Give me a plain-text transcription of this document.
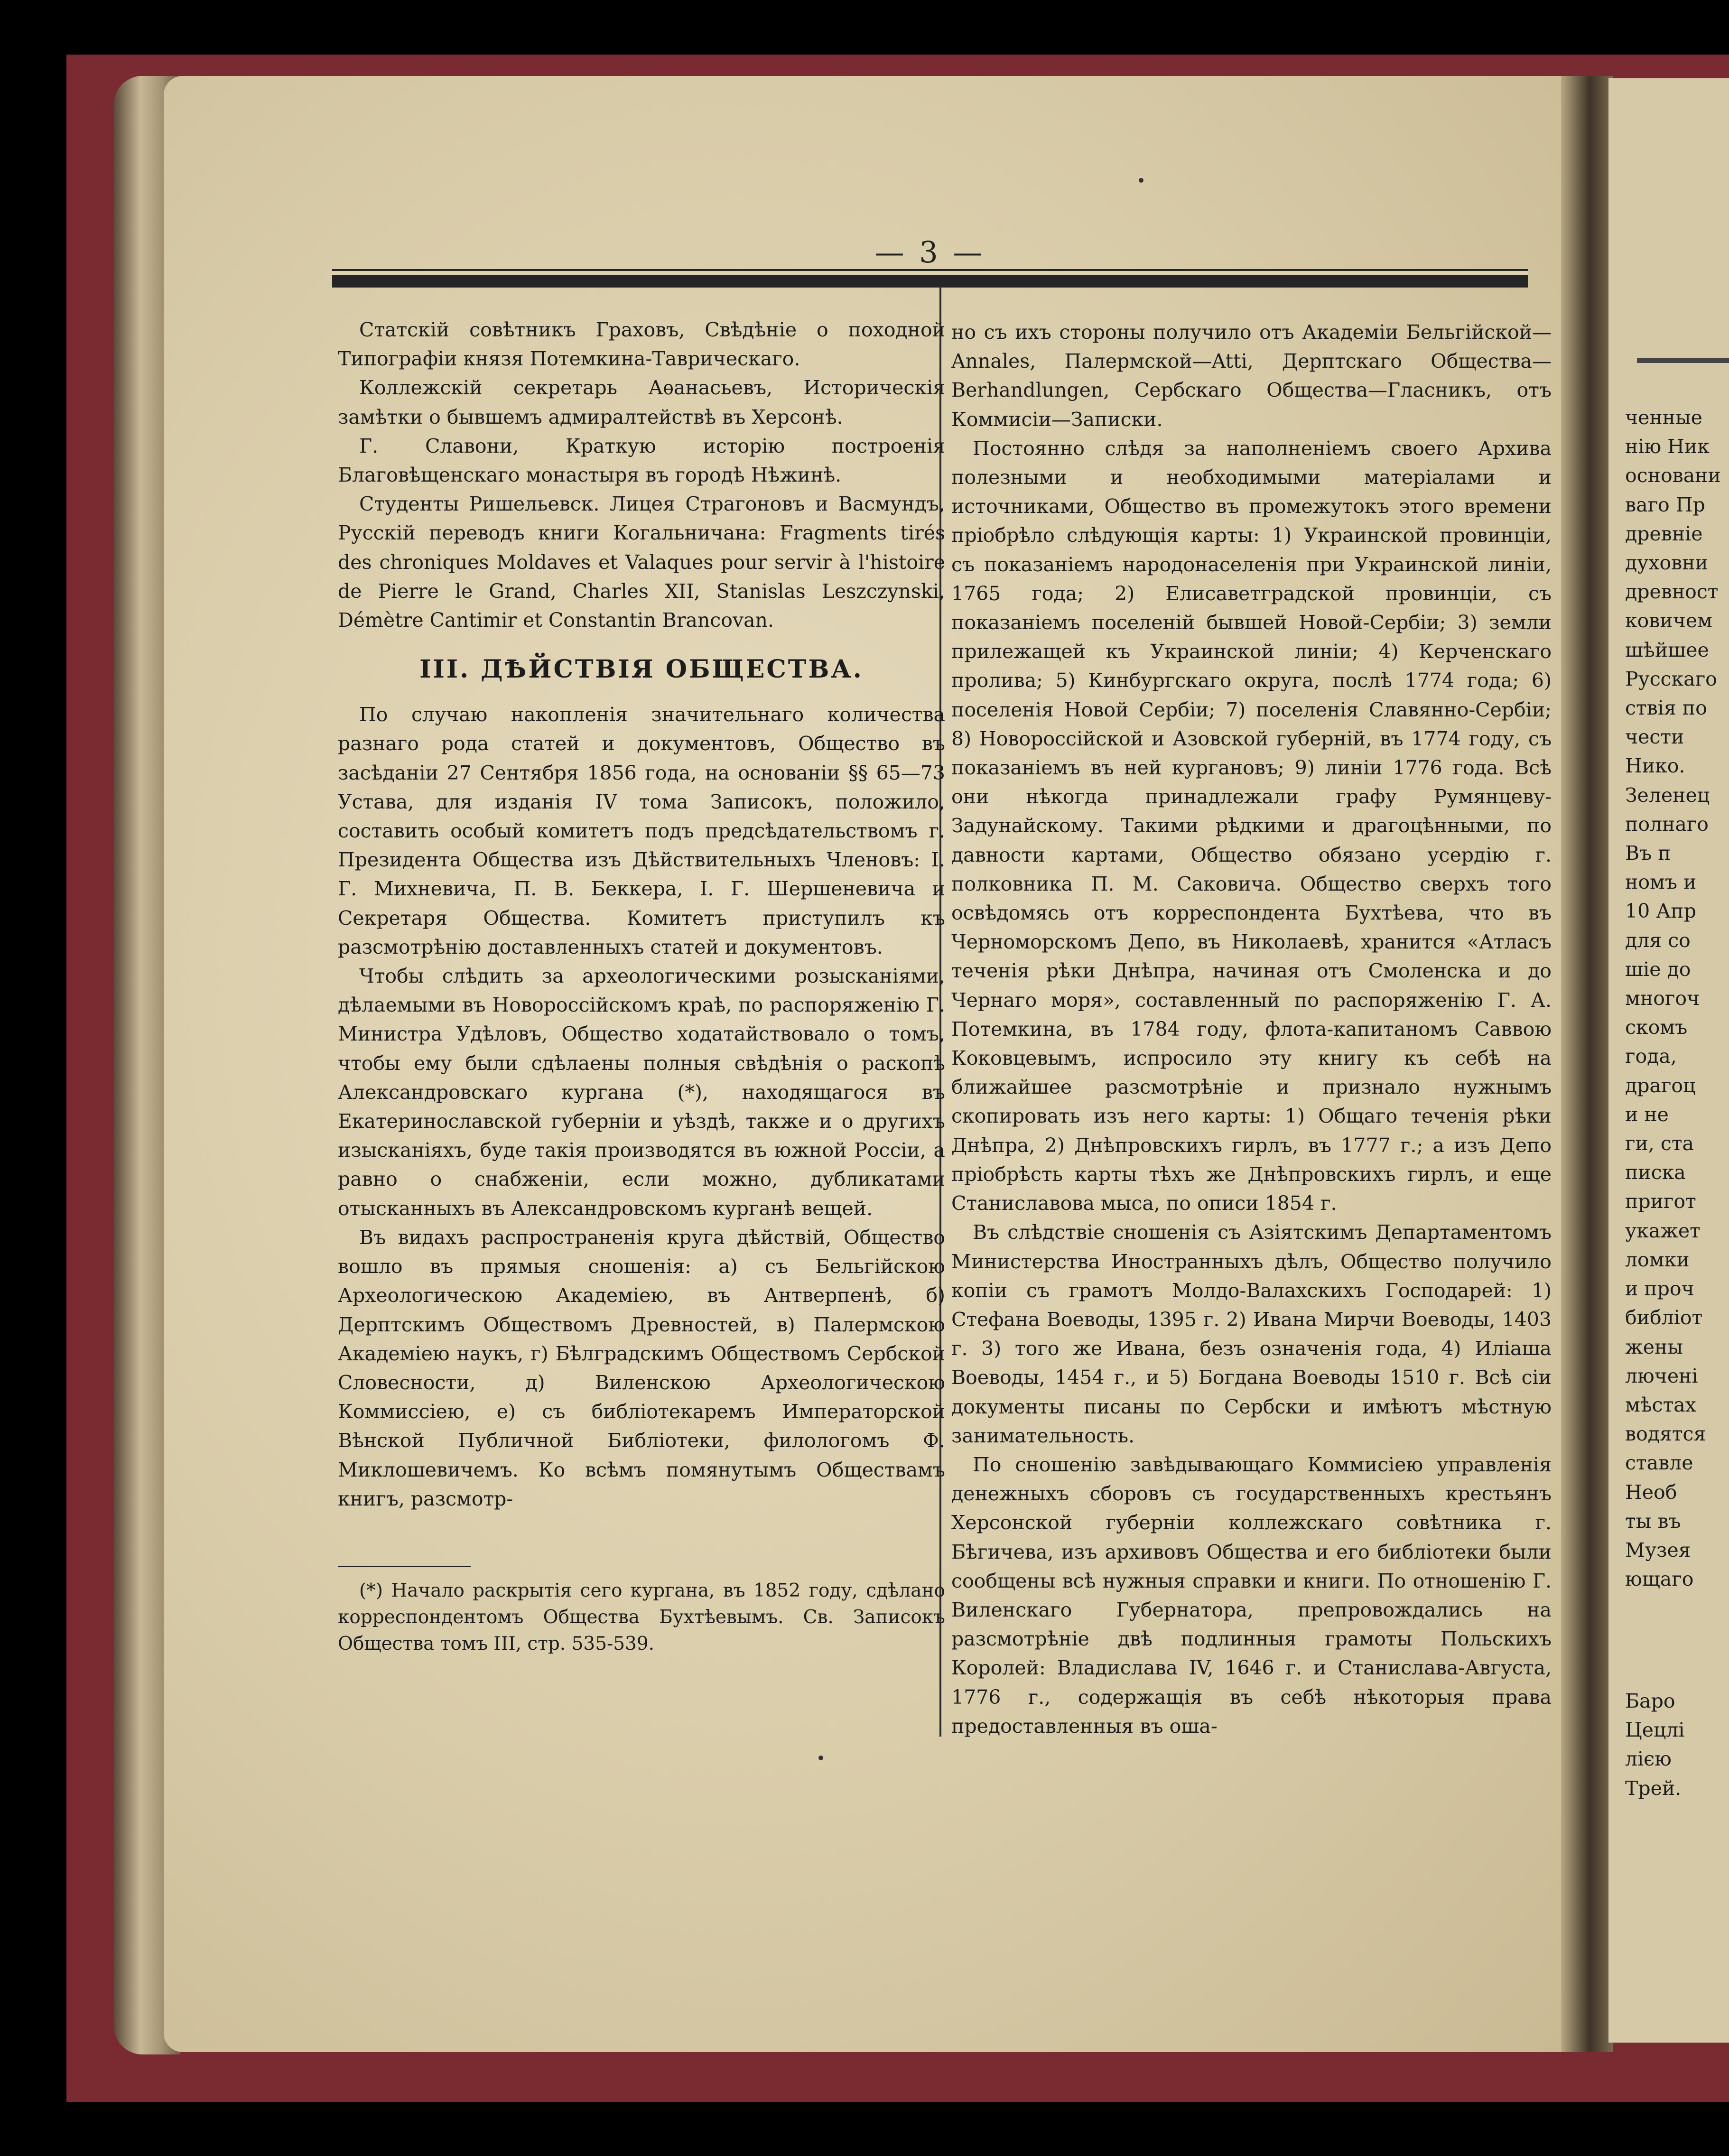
ченные
нію Ник
основани
ваго Пр
древніе
духовни
древност
ковичем
шѣйшее
Русскаго
ствія по
чести
Нико.
Зеленец
полнаго
Въ п
номъ и
10 Апр
для со
шіе до
многоч
скомъ
года,
драгоц
и не
ги, ста
писка
пригот
укажет
ломки
и проч
библіот
жены
люченi
мѣстах
водятся
ставле
Необ
ты въ
Музея
ющаго
Баро
Цецлі
лією
Трей.
— 3 —

Статскій совѣтникъ Граховъ, Свѣдѣніе о походной Типографіи князя Потемкина-Таврическаго.

Коллежскій секретарь Аѳанасьевъ, Историческія замѣтки о бывшемъ адмиралтействѣ въ Херсонѣ.

Г. Славони, Краткую исторію построенія Благовѣщенскаго монастыря въ городѣ Нѣжинѣ.

Студенты Ришельевск. Лицея Страгоновъ и Васмундъ, Русскій переводъ книги Когальничана: Fragments tirés des chroniques Moldaves et Valaques pour servir à l'histoire de Pierre le Grand, Charles XII, Stanislas Leszczynski, Démètre Cantimir et Constantin Brancovan.

III. ДѢЙСТВІЯ ОБЩЕСТВА.

По случаю накопленія значительнаго количества разнаго рода статей и документовъ, Общество въ засѣданіи 27 Сентября 1856 года, на основаніи §§ 65—73 Устава, для изданія IV тома Записокъ, положило, составить особый комитетъ подъ предсѣдательствомъ г. Президента Общества изъ Дѣйствительныхъ Членовъ: І. Г. Михневича, П. В. Беккера, І. Г. Шершеневича и Секретаря Общества. Комитетъ приступилъ къ разсмотрѣнію доставленныхъ статей и документовъ.

Чтобы слѣдить за археологическими розысканіями, дѣлаемыми въ Новороссійскомъ краѣ, по распоряженію Г. Министра Удѣловъ, Общество ходатайствовало о томъ, чтобы ему были сдѣлаены полныя свѣдѣнія о раскопѣ Александровскаго кургана (*), находящагося въ Екатеринославской губерніи и уѣздѣ, также и о другихъ изысканіяхъ, буде такія производятся въ южной Россіи, а равно о снабженіи, если можно, дубликатами отысканныхъ въ Александровскомъ курганѣ вещей.

Въ видахъ распространенія круга дѣйствій, Общество вошло въ прямыя сношенія: а) съ Бельгійскою Археологическою Академіею, въ Антверпенѣ, б) Дерптскимъ Обществомъ Древностей, в) Палермскою Академіею наукъ, г) Бѣлградскимъ Обществомъ Сербской Словесности, д) Виленскою Археологическою Коммиссіею, е) съ библіотекаремъ Императорской Вѣнской Публичной Библіотеки, филологомъ Ф. Миклошевичемъ. Ко всѣмъ помянутымъ Обществамъ книгъ, разсмотр-

(*) Начало раскрытія сего кургана, въ 1852 году, сдѣлано корреспондентомъ Общества Бухтѣевымъ. Св. Записокъ Общества томъ III, стр. 535-539.

но съ ихъ стороны получило отъ Академіи Бельгійской—Annales, Палермской—Atti, Дерптскаго Общества—Berhandlungen, Сербскаго Общества—Гласникъ, отъ Коммисіи—Записки.

Постоянно слѣдя за наполненіемъ своего Архива полезными и необходимыми матеріалами и источниками, Общество въ промежутокъ этого времени пріобрѣло слѣдующія карты: 1) Украинской провинціи, съ показаніемъ народонаселенія при Украинской линіи, 1765 года; 2) Елисаветградской провинціи, съ показаніемъ поселеній бывшей Новой-Сербіи; 3) земли прилежащей къ Украинской линіи; 4) Керченскаго пролива; 5) Кинбургскаго округа, послѣ 1774 года; 6) поселенія Новой Сербіи; 7) поселенія Славянно-Сербіи; 8) Новороссійской и Азовской губерній, въ 1774 году, съ показаніемъ въ ней кургановъ; 9) линіи 1776 года. Всѣ они нѣкогда принадлежали графу Румянцеву-Задунайскому. Такими рѣдкими и драгоцѣнными, по давности картами, Общество обязано усердію г. полковника П. М. Саковича. Общество сверхъ того освѣдомясь отъ корреспондента Бухтѣева, что въ Черноморскомъ Депо, въ Николаевѣ, хранится «Атласъ теченія рѣки Днѣпра, начиная отъ Смоленска и до Чернаго моря», составленный по распоряженію Г. А. Потемкина, въ 1784 году, флота-капитаномъ Саввою Коковцевымъ, испросило эту книгу къ себѣ на ближайшее разсмотрѣніе и признало нужнымъ скопировать изъ него карты: 1) Общаго теченія рѣки Днѣпра, 2) Днѣпровскихъ гирлъ, въ 1777 г.; а изъ Депо пріобрѣсть карты тѣхъ же Днѣпровскихъ гирлъ, и еще Станиславова мыса, по описи 1854 г.

Въ слѣдствіе сношенія съ Азіятскимъ Департаментомъ Министерства Иностранныхъ дѣлъ, Общество получило копіи съ грамотъ Молдо-Валахскихъ Господарей: 1) Стефана Воеводы, 1395 г. 2) Ивана Мирчи Воеводы, 1403 г. 3) того же Ивана, безъ означенія года, 4) Иліаша Воеводы, 1454 г., и 5) Богдана Воеводы 1510 г. Всѣ сіи документы писаны по Сербски и имѣютъ мѣстную занимательность.

По сношенію завѣдывающаго Коммисіею управленія денежныхъ сборовъ съ государственныхъ крестьянъ Херсонской губерніи коллежскаго совѣтника г. Бѣгичева, изъ архивовъ Общества и его библіотеки были сообщены всѣ нужныя справки и книги. По отношенію Г. Виленскаго Губернатора, препровождались на разсмотрѣніе двѣ подлинныя грамоты Польскихъ Королей: Владислава IV, 1646 г. и Станислава-Августа, 1776 г., содержащія въ себѣ нѣкоторыя права предоставленныя въ оша-
